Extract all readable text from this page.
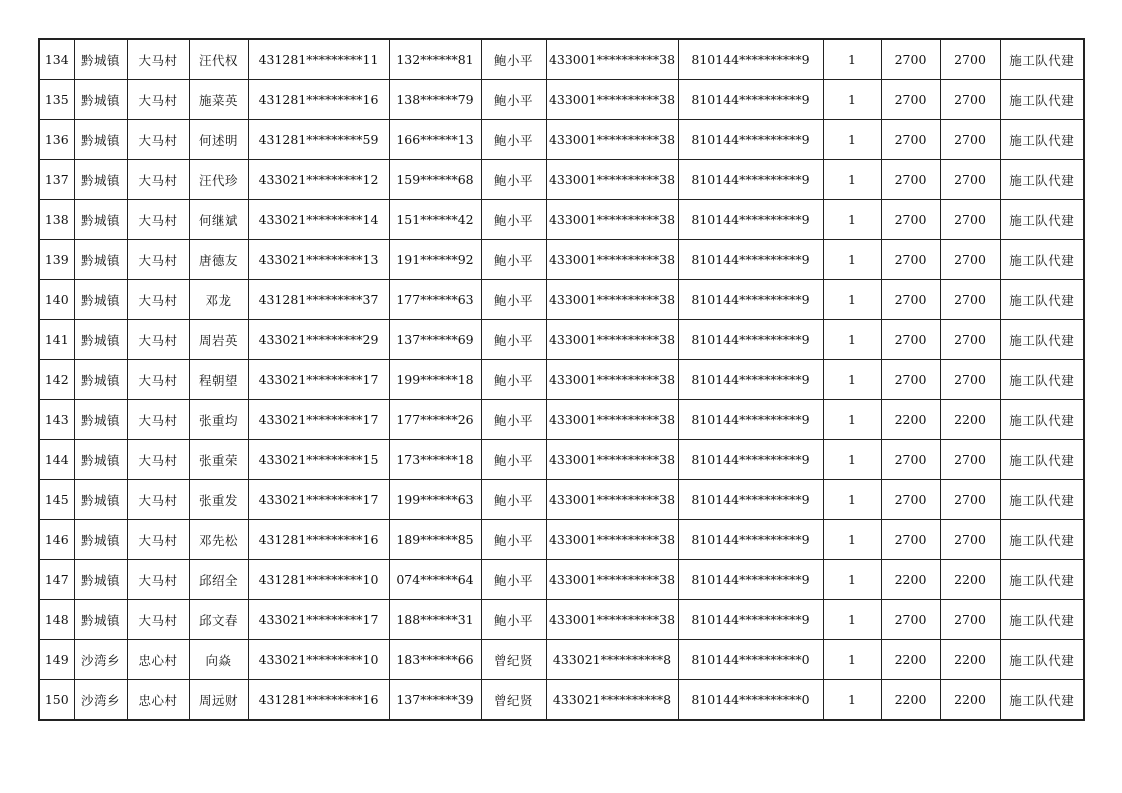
134	黔城镇	大马村	汪代权	431281*********11	132******81	鲍小平	433001**********38	810144**********9	1	2700	2700	施工队代建
135	黔城镇	大马村	施菜英	431281*********16	138******79	鲍小平	433001**********38	810144**********9	1	2700	2700	施工队代建
136	黔城镇	大马村	何述明	431281*********59	166******13	鲍小平	433001**********38	810144**********9	1	2700	2700	施工队代建
137	黔城镇	大马村	汪代珍	433021*********12	159******68	鲍小平	433001**********38	810144**********9	1	2700	2700	施工队代建
138	黔城镇	大马村	何继斌	433021*********14	151******42	鲍小平	433001**********38	810144**********9	1	2700	2700	施工队代建
139	黔城镇	大马村	唐德友	433021*********13	191******92	鲍小平	433001**********38	810144**********9	1	2700	2700	施工队代建
140	黔城镇	大马村	邓龙	431281*********37	177******63	鲍小平	433001**********38	810144**********9	1	2700	2700	施工队代建
141	黔城镇	大马村	周岩英	433021*********29	137******69	鲍小平	433001**********38	810144**********9	1	2700	2700	施工队代建
142	黔城镇	大马村	程朝望	433021*********17	199******18	鲍小平	433001**********38	810144**********9	1	2700	2700	施工队代建
143	黔城镇	大马村	张重均	433021*********17	177******26	鲍小平	433001**********38	810144**********9	1	2200	2200	施工队代建
144	黔城镇	大马村	张重荣	433021*********15	173******18	鲍小平	433001**********38	810144**********9	1	2700	2700	施工队代建
145	黔城镇	大马村	张重发	433021*********17	199******63	鲍小平	433001**********38	810144**********9	1	2700	2700	施工队代建
146	黔城镇	大马村	邓先松	431281*********16	189******85	鲍小平	433001**********38	810144**********9	1	2700	2700	施工队代建
147	黔城镇	大马村	邱绍全	431281*********10	074******64	鲍小平	433001**********38	810144**********9	1	2200	2200	施工队代建
148	黔城镇	大马村	邱文春	433021*********17	188******31	鲍小平	433001**********38	810144**********9	1	2700	2700	施工队代建
149	沙湾乡	忠心村	向焱	433021*********10	183******66	曾纪贤	433021**********8	810144**********0	1	2200	2200	施工队代建
150	沙湾乡	忠心村	周远财	431281*********16	137******39	曾纪贤	433021**********8	810144**********0	1	2200	2200	施工队代建
